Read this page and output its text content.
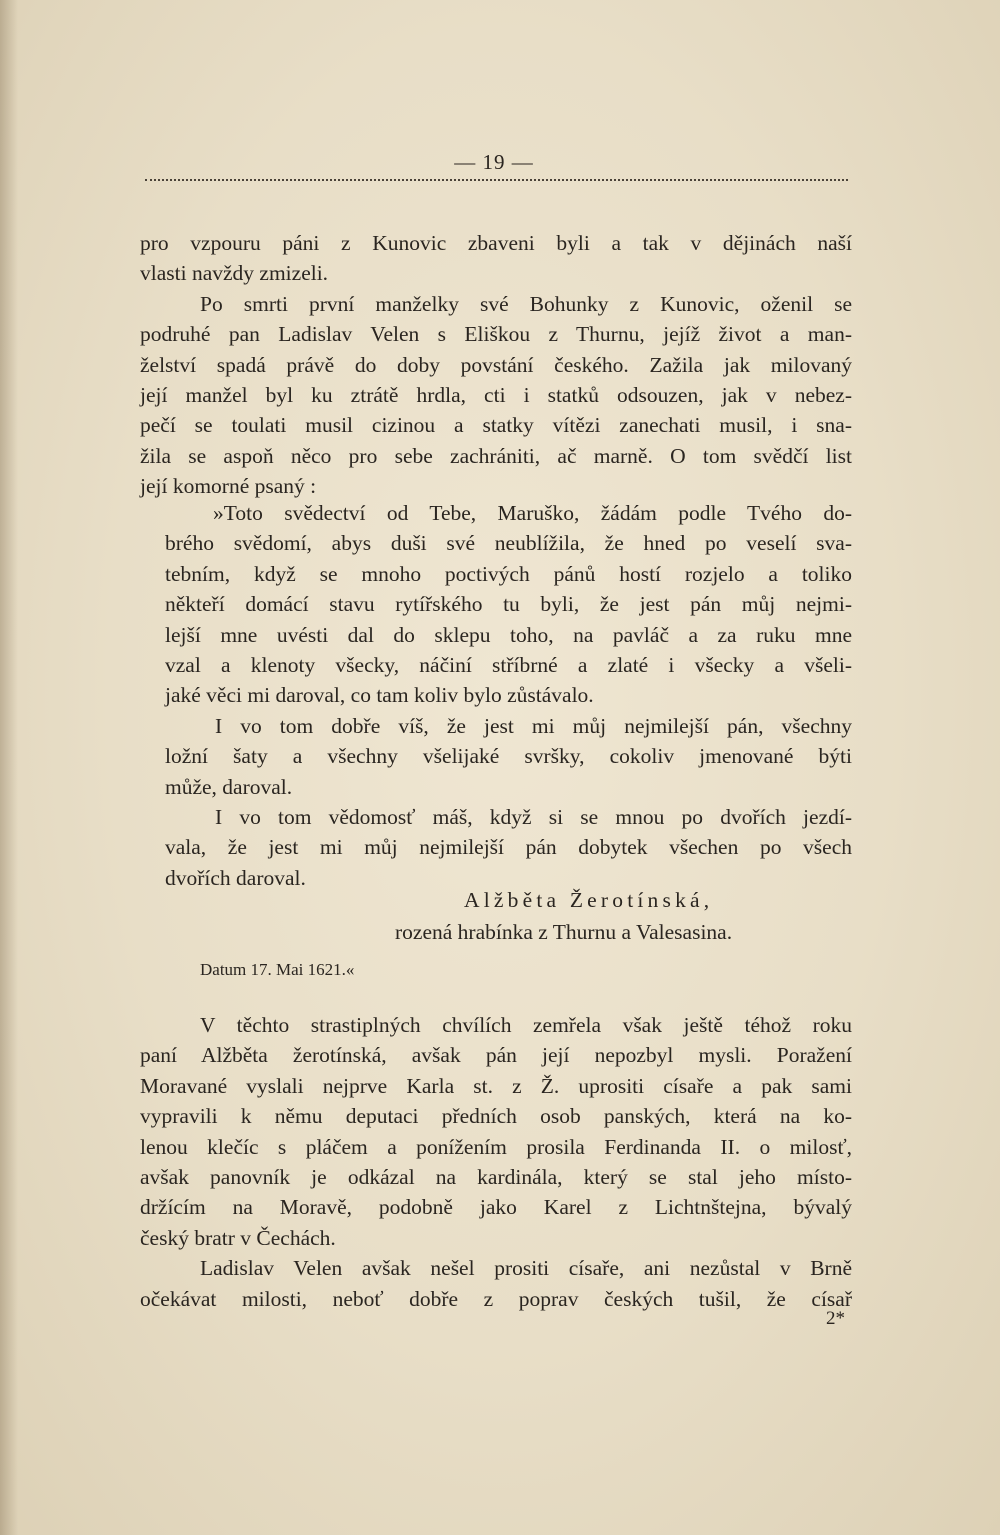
— 19 —
pro vzpouru páni z Kunovic zbaveni byli a tak v dějinách naší
vlasti navždy zmizeli.
Po smrti první manželky své Bohunky z Kunovic, oženil se
podruhé pan Ladislav Velen s Eliškou z Thurnu, jejíž život a man-
želství spadá právě do doby povstání českého. Zažila jak milovaný
její manžel byl ku ztrátě hrdla, cti i statků odsouzen, jak v nebez-
pečí se toulati musil cizinou a statky vítězi zanechati musil, i sna-
žila se aspoň něco pro sebe zachrániti, ač marně. O tom svědčí list
její komorné psaný :
»Toto svědectví od Tebe, Maruško, žádám podle Tvého do-
brého svědomí, abys duši své neublížila, že hned po veselí sva-
tebním, když se mnoho poctivých pánů hostí rozjelo a toliko
někteří domácí stavu rytířského tu byli, že jest pán můj nejmi-
lejší mne uvésti dal do sklepu toho, na pavláč a za ruku mne
vzal a klenoty všecky, náčiní stříbrné a zlaté i všecky a všeli-
jaké věci mi daroval, co tam koliv bylo zůstávalo.
I vo tom dobře víš, že jest mi můj nejmilejší pán, všechny
ložní šaty a všechny všelijaké svršky, cokoliv jmenované býti
může, daroval.
I vo tom vědomosť máš, když si se mnou po dvořích jezdí-
vala, že jest mi můj nejmilejší pán dobytek všechen po všech
dvořích daroval.
Alžběta Žerotínská,
rozená hrabínka z Thurnu a Valesasina.
Datum 17. Mai 1621.«
V těchto strastiplných chvílích zemřela však ještě téhož roku
paní Alžběta žerotínská, avšak pán její nepozbyl mysli. Poražení
Moravané vyslali nejprve Karla st. z Ž. uprositi císaře a pak sami
vypravili k němu deputaci předních osob panských, která na ko-
lenou klečíc s pláčem a ponížením prosila Ferdinanda II. o milosť,
avšak panovník je odkázal na kardinála, který se stal jeho místo-
držícím na Moravě, podobně jako Karel z Lichtnštejna, bývalý
český bratr v Čechách.
Ladislav Velen avšak nešel prositi císaře, ani nezůstal v Brně
očekávat milosti, neboť dobře z poprav českých tušil, že císař
2*
